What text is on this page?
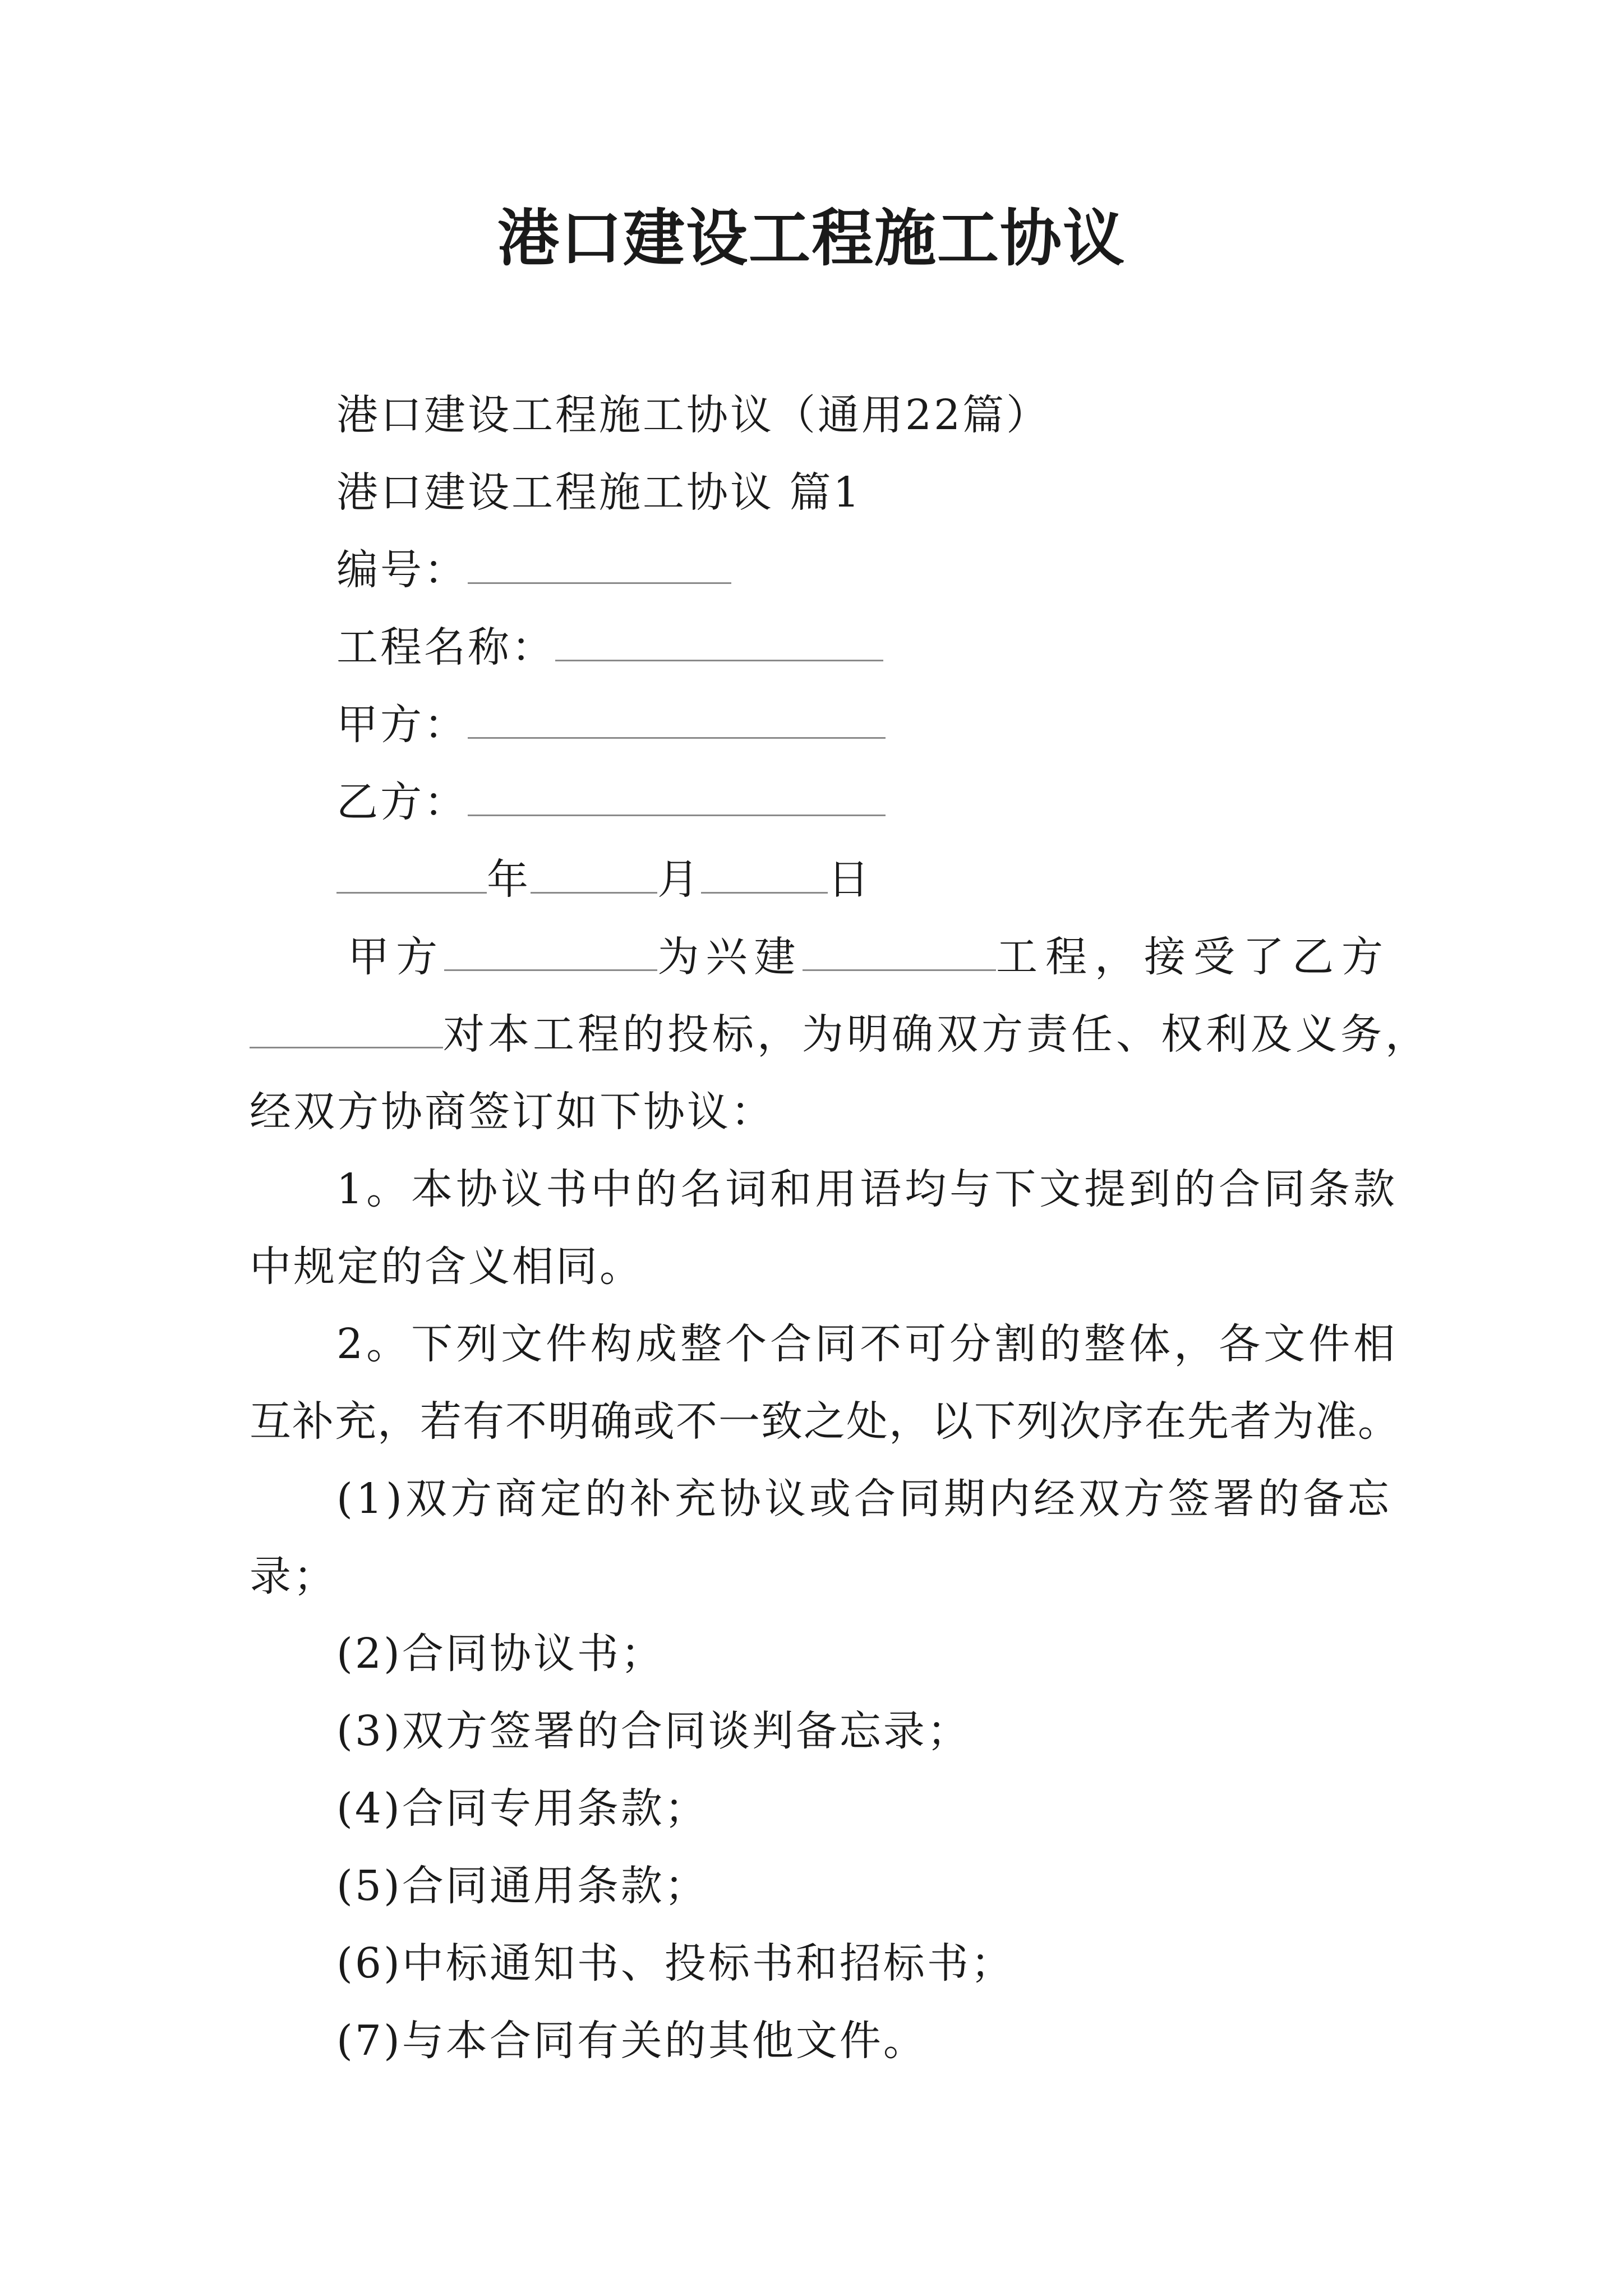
港口建设工程施工协议
港口建设工程施工协议（通用22篇）
港口建设工程施工协议 篇1
编号：
工程名称：
甲方：
乙方：
年	月	日
甲方	为兴建	工程，接受了乙方
对本工程的投标，为明确双方责任、权利及义务，
经双方协商签订如下协议：
1。本协议书中的名词和用语均与下文提到的合同条款
中规定的含义相同。
2。下列文件构成整个合同不可分割的整体，各文件相
互补充，若有不明确或不一致之处，以下列次序在先者为准。
(1)双方商定的补充协议或合同期内经双方签署的备忘
录；
(2)合同协议书；
(3)双方签署的合同谈判备忘录；
(4)合同专用条款；
(5)合同通用条款；
(6)中标通知书、投标书和招标书；
(7)与本合同有关的其他文件。
